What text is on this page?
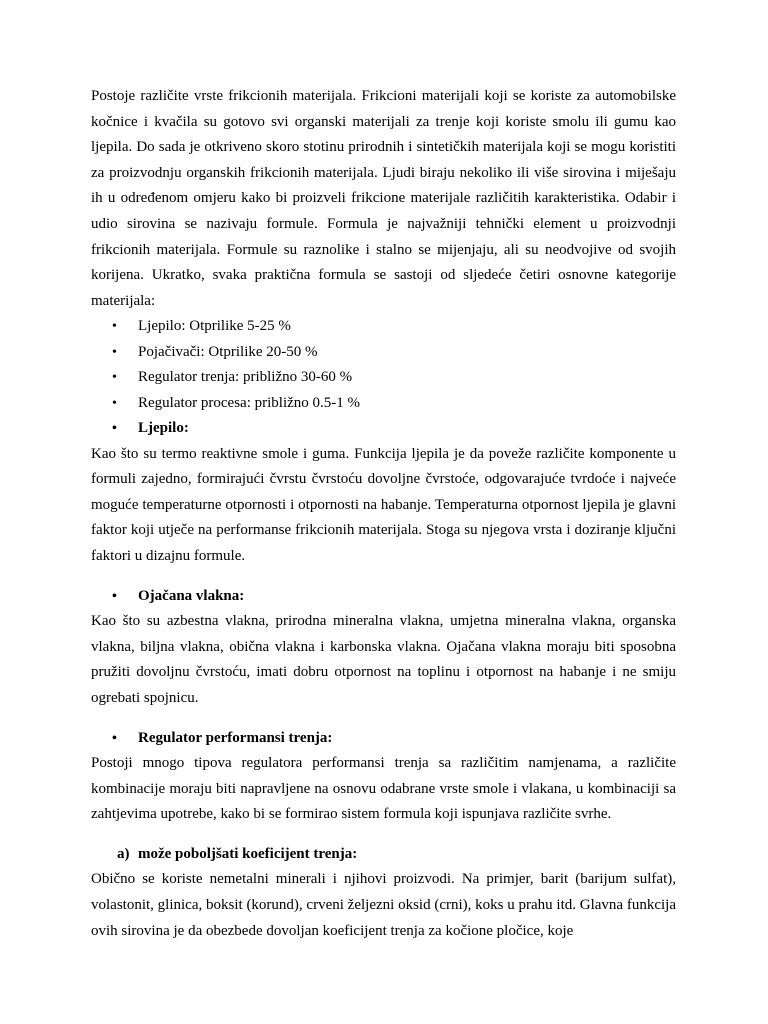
Postoje različite vrste frikcionih materijala. Frikcioni materijali koji se koriste za automobilske kočnice i kvačila su gotovo svi organski materijali za trenje koji koriste smolu ili gumu kao ljepila. Do sada je otkriveno skoro stotinu prirodnih i sintetičkih materijala koji se mogu koristiti za proizvodnju organskih frikcionih materijala. Ljudi biraju nekoliko ili više sirovina i miješaju ih u određenom omjeru kako bi proizveli frikcione materijale različitih karakteristika. Odabir i udio sirovina se nazivaju formule. Formula je najvažniji tehnički element u proizvodnji frikcionih materijala. Formule su raznolike i stalno se mijenjaju, ali su neodvojive od svojih korijena. Ukratko, svaka praktična formula se sastoji od sljedeće četiri osnovne kategorije materijala:

• Ljepilo: Otprilike 5-25 %
• Pojačivači: Otprilike 20-50 %
• Regulator trenja: približno 30-60 %
• Regulator procesa: približno 0.5-1 %
• Ljepilo:

Kao što su termo reaktivne smole i guma. Funkcija ljepila je da poveže različite komponente u formuli zajedno, formirajući čvrstu čvrstoću dovoljne čvrstoće, odgovarajuće tvrdoće i najveće moguće temperaturne otpornosti i otpornosti na habanje. Temperaturna otpornost ljepila je glavni faktor koji utječe na performanse frikcionih materijala. Stoga su njegova vrsta i doziranje ključni faktori u dizajnu formule.

• Ojačana vlakna:

Kao što su azbestna vlakna, prirodna mineralna vlakna, umjetna mineralna vlakna, organska vlakna, biljna vlakna, obična vlakna i karbonska vlakna. Ojačana vlakna moraju biti sposobna pružiti dovoljnu čvrstoću, imati dobru otpornost na toplinu i otpornost na habanje i ne smiju ogrebati spojnicu.

• Regulator performansi trenja:

Postoji mnogo tipova regulatora performansi trenja sa različitim namjenama, a različite kombinacije moraju biti napravljene na osnovu odabrane vrste smole i vlakana, u kombinaciji sa zahtjevima upotrebe, kako bi se formirao sistem formula koji ispunjava različite svrhe.

a) može poboljšati koeficijent trenja:

Obično se koriste nemetalni minerali i njihovi proizvodi. Na primjer, barit (barijum sulfat), volastonit, glinica, boksit (korund), crveni željezni oksid (crni), koks u prahu itd. Glavna funkcija ovih sirovina je da obezbede dovoljan koeficijent trenja za kočione pločice, koje
